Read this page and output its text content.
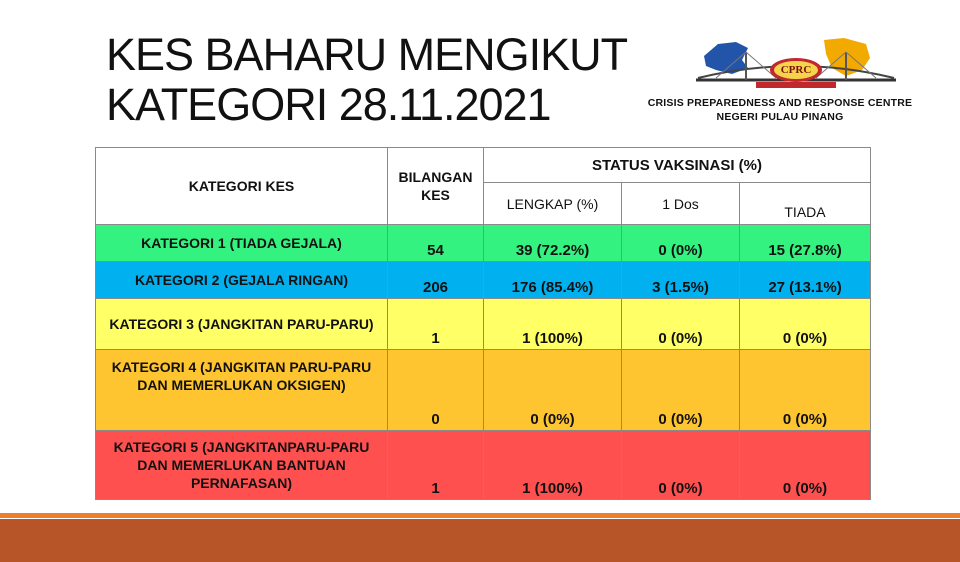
KES BAHARU MENGIKUT
KATEGORI 28.11.2021
CPRC
CRISIS PREPAREDNESS AND RESPONSE CENTRE
NEGERI PULAU PINANG
KATEGORI KES	BILANGAN KES	STATUS VAKSINASI (%)		
		LENGKAP (%)	1 Dos	TIADA
KATEGORI 1 (TIADA GEJALA)	54	39 (72.2%)	0 (0%)	15 (27.8%)
KATEGORI 2 (GEJALA RINGAN)	206	176 (85.4%)	3 (1.5%)	27 (13.1%)
KATEGORI 3 (JANGKITAN PARU-PARU)	1	1 (100%)	0 (0%)	0 (0%)
KATEGORI 4 (JANGKITAN PARU-PARU DAN MEMERLUKAN OKSIGEN)	0	0 (0%)	0 (0%)	0 (0%)
KATEGORI 5 (JANGKITANPARU-PARU DAN MEMERLUKAN BANTUAN PERNAFASAN)	1	1 (100%)	0 (0%)	0 (0%)
